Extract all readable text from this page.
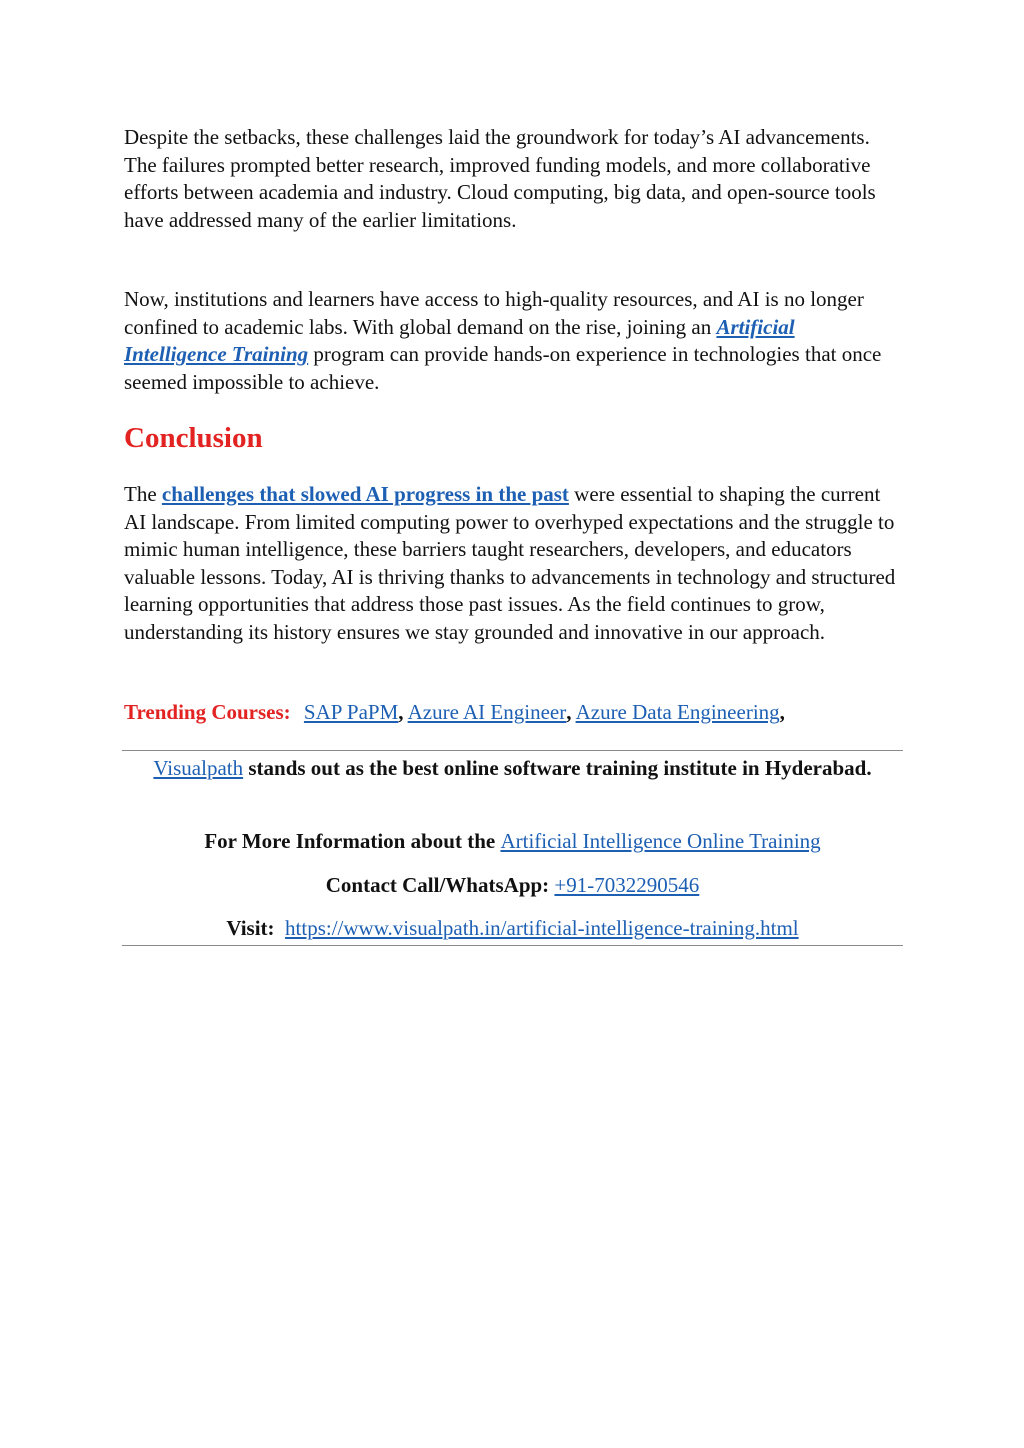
Despite the setbacks, these challenges laid the groundwork for today’s AI advancements. The failures prompted better research, improved funding models, and more collaborative efforts between academia and industry. Cloud computing, big data, and open-source tools have addressed many of the earlier limitations.

Now, institutions and learners have access to high-quality resources, and AI is no longer confined to academic labs. With global demand on the rise, joining an Artificial Intelligence Training program can provide hands-on experience in technologies that once seemed impossible to achieve.

Conclusion

The challenges that slowed AI progress in the past were essential to shaping the current AI landscape. From limited computing power to overhyped expectations and the struggle to mimic human intelligence, these barriers taught researchers, developers, and educators valuable lessons. Today, AI is thriving thanks to advancements in technology and structured learning opportunities that address those past issues. As the field continues to grow, understanding its history ensures we stay grounded and innovative in our approach.

Trending Courses: SAP PaPM, Azure AI Engineer, Azure Data Engineering,

Visualpath stands out as the best online software training institute in Hyderabad.

For More Information about the Artificial Intelligence Online Training

Contact Call/WhatsApp: +91-7032290546

Visit: https://www.visualpath.in/artificial-intelligence-training.html
